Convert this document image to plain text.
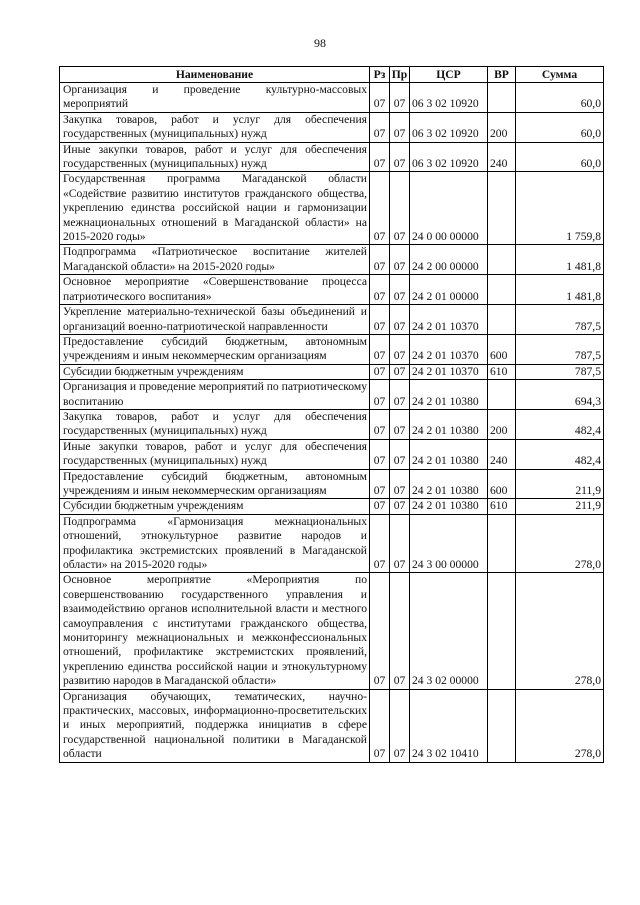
98
Наименование	Рз	Пр	ЦСР	ВР	Сумма
Организация и проведение культурно-массовых мероприятий	07	07	06 3 02 10920		60,0
Закупка товаров, работ и услуг для обеспечения государственных (муниципальных) нужд	07	07	06 3 02 10920	200	60,0
Иные закупки товаров, работ и услуг для обеспечения государственных (муниципальных) нужд	07	07	06 3 02 10920	240	60,0
Государственная программа Магаданской области «Содействие развитию институтов гражданского общества, укреплению единства российской нации и гармонизации межнациональных отношений в Магаданской области» на 2015-2020 годы»	07	07	24 0 00 00000		1 759,8
Подпрограмма «Патриотическое воспитание жителей Магаданской области» на 2015-2020 годы»	07	07	24 2 00 00000		1 481,8
Основное мероприятие «Совершенствование процесса патриотического воспитания»	07	07	24 2 01 00000		1 481,8
Укрепление материально-технической базы объединений и организаций военно-патриотической направленности	07	07	24 2 01 10370		787,5
Предоставление субсидий бюджетным, автономным учреждениям и иным некоммерческим организациям	07	07	24 2 01 10370	600	787,5
Субсидии бюджетным учреждениям	07	07	24 2 01 10370	610	787,5
Организация и проведение мероприятий по патриотическому воспитанию	07	07	24 2 01 10380		694,3
Закупка товаров, работ и услуг для обеспечения государственных (муниципальных) нужд	07	07	24 2 01 10380	200	482,4
Иные закупки товаров, работ и услуг для обеспечения государственных (муниципальных) нужд	07	07	24 2 01 10380	240	482,4
Предоставление субсидий бюджетным, автономным учреждениям и иным некоммерческим организациям	07	07	24 2 01 10380	600	211,9
Субсидии бюджетным учреждениям	07	07	24 2 01 10380	610	211,9
Подпрограмма «Гармонизация межнациональных отношений, этнокультурное развитие народов и профилактика экстремистских проявлений в Магаданской области» на 2015-2020 годы»	07	07	24 3 00 00000		278,0
Основное мероприятие «Мероприятия по совершенствованию государственного управления и взаимодействию органов исполнительной власти и местного самоуправления с институтами гражданского общества, мониторингу межнациональных и межконфессиональных отношений, профилактике экстремистских проявлений, укреплению единства российской нации и этнокультурному развитию народов в Магаданской области»	07	07	24 3 02 00000		278,0
Организация обучающих, тематических, научно-практических, массовых, информационно-просветительских и иных мероприятий, поддержка инициатив в сфере государственной национальной политики в Магаданской области	07	07	24 3 02 10410		278,0
